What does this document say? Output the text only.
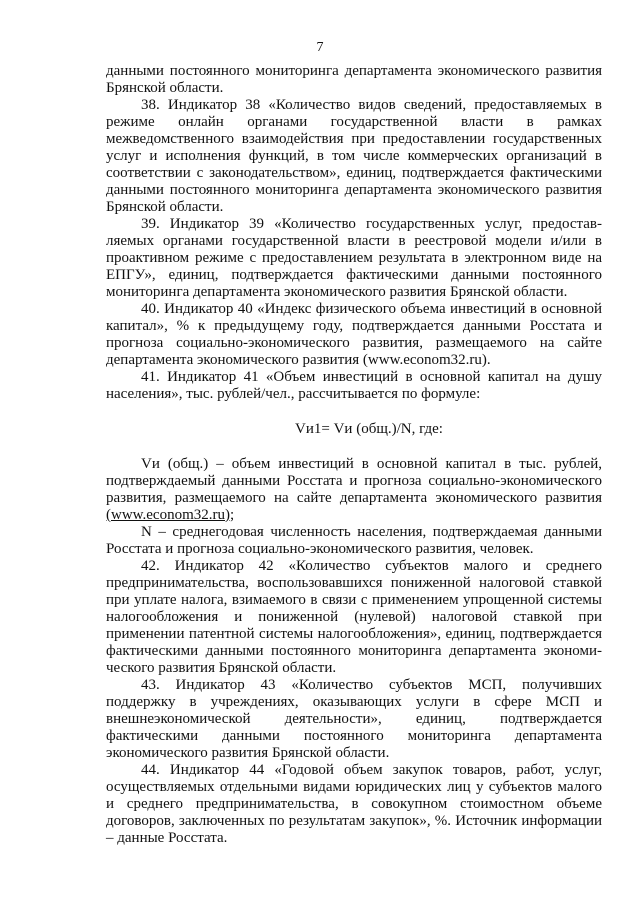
7

данными постоянного мониторинга департамента экономического развития Брянской области.

38. Индикатор 38 «Количество видов сведений, предоставляемых в режиме онлайн органами государственной власти в рамках межведомственного взаимодействия при предоставлении государственных услуг и исполнения функций, в том числе коммерческих организаций в соответствии с законодательством», единиц, подтверждается фактическими данными постоянного мониторинга департамента экономического развития Брянской области.

39. Индикатор 39 «Количество государственных услуг, предоставляемых органами государственной власти в реестровой модели и/или в проактивном режиме с предоставлением результата в электронном виде на ЕПГУ», единиц, подтверждается фактическими данными постоянного мониторинга департамента экономического развития Брянской области.

40. Индикатор 40 «Индекс физического объема инвестиций в основной капитал», % к предыдущему году, подтверждается данными Росстата и прогноза социально-экономического развития, размещаемого на сайте департамента экономического развития (www.econom32.ru).

41. Индикатор 41 «Объем инвестиций в основной капитал на душу населения», тыс. рублей/чел., рассчитывается по формуле:

Vи1= Vи (общ.)/N, где:

Vи (общ.) – объем инвестиций в основной капитал в тыс. рублей, подтверждаемый данными Росстата и прогноза социально-экономического развития, размещаемого на сайте департамента экономического развития (www.econom32.ru);

N – среднегодовая численность населения, подтверждаемая данными Росстата и прогноза социально-экономического развития, человек.

42. Индикатор 42 «Количество субъектов малого и среднего предпринимательства, воспользовавшихся пониженной налоговой ставкой при уплате налога, взимаемого в связи с применением упрощенной системы налогообложения и пониженной (нулевой) налоговой ставкой при применении патентной системы налогообложения», единиц, подтверждается фактическими данными постоянного мониторинга департамента экономического развития Брянской области.

43. Индикатор 43 «Количество субъектов МСП, получивших поддержку в учреждениях, оказывающих услуги в сфере МСП и внешнеэкономической деятельности», единиц, подтверждается фактическими данными постоянного мониторинга департамента экономического развития Брянской области.

44. Индикатор 44 «Годовой объем закупок товаров, работ, услуг, осуществляемых отдельными видами юридических лиц у субъектов малого и среднего предпринимательства, в совокупном стоимостном объеме договоров, заключенных по результатам закупок», %. Источник информации – данные Росстата.
